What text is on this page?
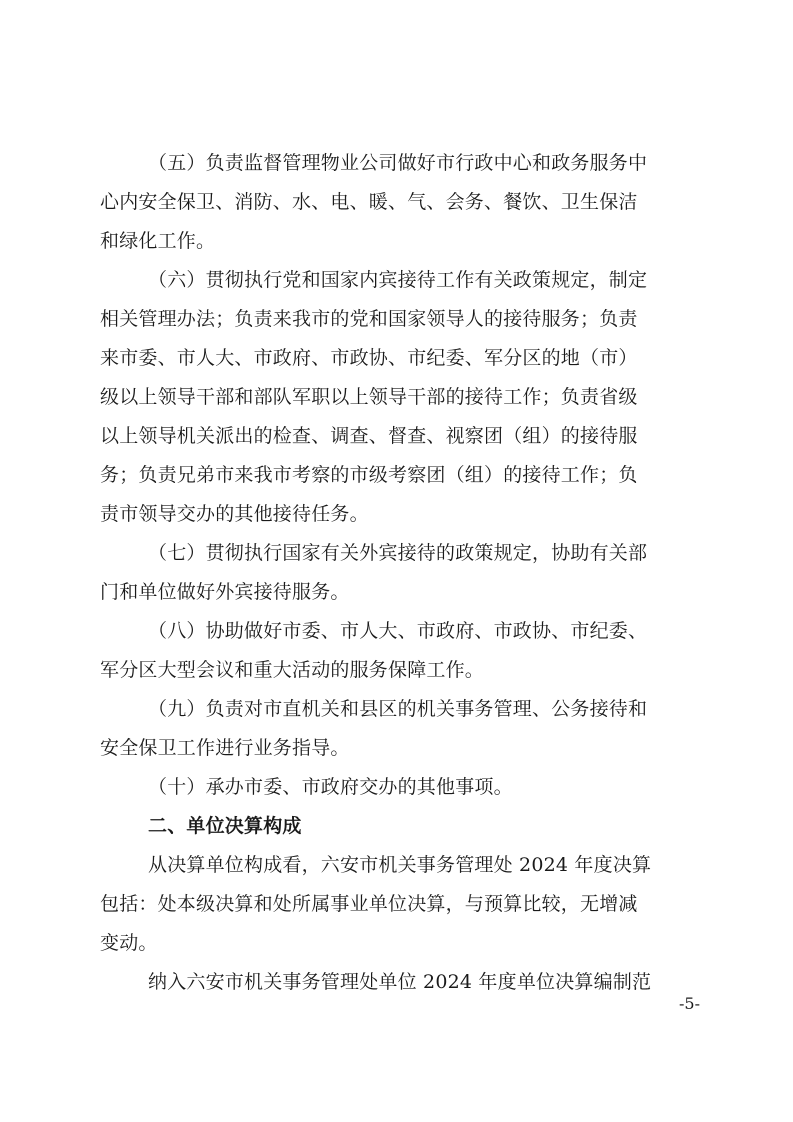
（五）负责监督管理物业公司做好市行政中心和政务服务中
心内安全保卫、消防、水、电、暖、气、会务、餐饮、卫生保洁
和绿化工作。
（六）贯彻执行党和国家内宾接待工作有关政策规定，制定
相关管理办法；负责来我市的党和国家领导人的接待服务；负责
来市委、市人大、市政府、市政协、市纪委、军分区的地（市）
级以上领导干部和部队军职以上领导干部的接待工作；负责省级
以上领导机关派出的检查、调查、督查、视察团（组）的接待服
务；负责兄弟市来我市考察的市级考察团（组）的接待工作；负
责市领导交办的其他接待任务。
（七）贯彻执行国家有关外宾接待的政策规定，协助有关部
门和单位做好外宾接待服务。
（八）协助做好市委、市人大、市政府、市政协、市纪委、
军分区大型会议和重大活动的服务保障工作。
（九）负责对市直机关和县区的机关事务管理、公务接待和
安全保卫工作进行业务指导。
（十）承办市委、市政府交办的其他事项。
二、单位决算构成
从决算单位构成看，六安市机关事务管理处 2024 年度决算
包括：处本级决算和处所属事业单位决算，与预算比较，无增减
变动。
纳入六安市机关事务管理处单位 2024 年度单位决算编制范
-5-
